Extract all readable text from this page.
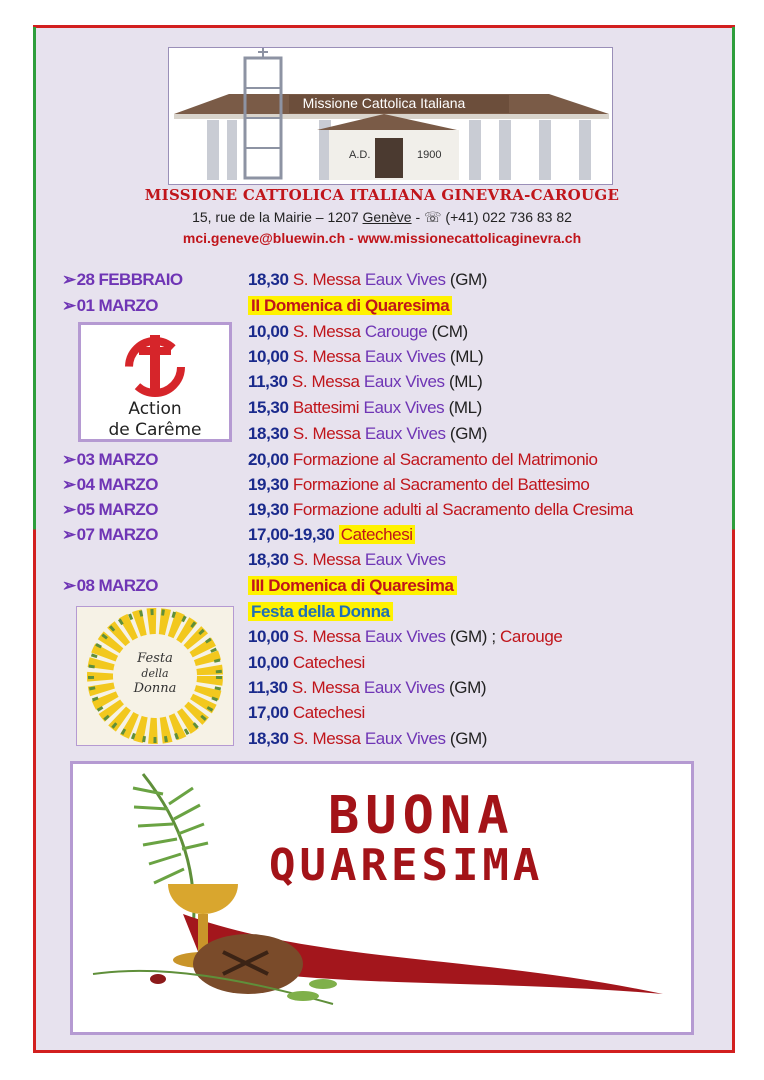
Missione Cattolica Italiana
A.D.	1900
MISSIONE CATTOLICA ITALIANA GINEVRA-CAROUGE
15, rue de la Mairie – 1207 Genève - ☏ (+41) 022 736 83 82
mci.geneve@bluewin.ch - www.missionecattolicaginevra.ch
➢28 FEBBRAIO
➢01 MARZO
➢03 MARZO
➢04 MARZO
➢05 MARZO
➢07 MARZO
➢08 MARZO
18,30 S. Messa Eaux Vives (GM)
II Domenica di Quaresima
10,00 S. Messa Carouge (CM)
10,00 S. Messa Eaux Vives (ML)
11,30 S. Messa Eaux Vives (ML)
15,30 Battesimi Eaux Vives (ML)
18,30 S. Messa Eaux Vives (GM)
20,00 Formazione al Sacramento del Matrimonio
19,30 Formazione al Sacramento del Battesimo
19,30 Formazione adulti al Sacramento della Cresima
17,00-19,30 Catechesi
18,30 S. Messa Eaux Vives
III Domenica di Quaresima
Festa della Donna
10,00 S. Messa Eaux Vives (GM) ; Carouge
10,00 Catechesi
11,30 S. Messa Eaux Vives (GM)
17,00 Catechesi
18,30 S. Messa Eaux Vives (GM)
Action
de Carême
Festa
della
Donna
BUONA
QUARESIMA
